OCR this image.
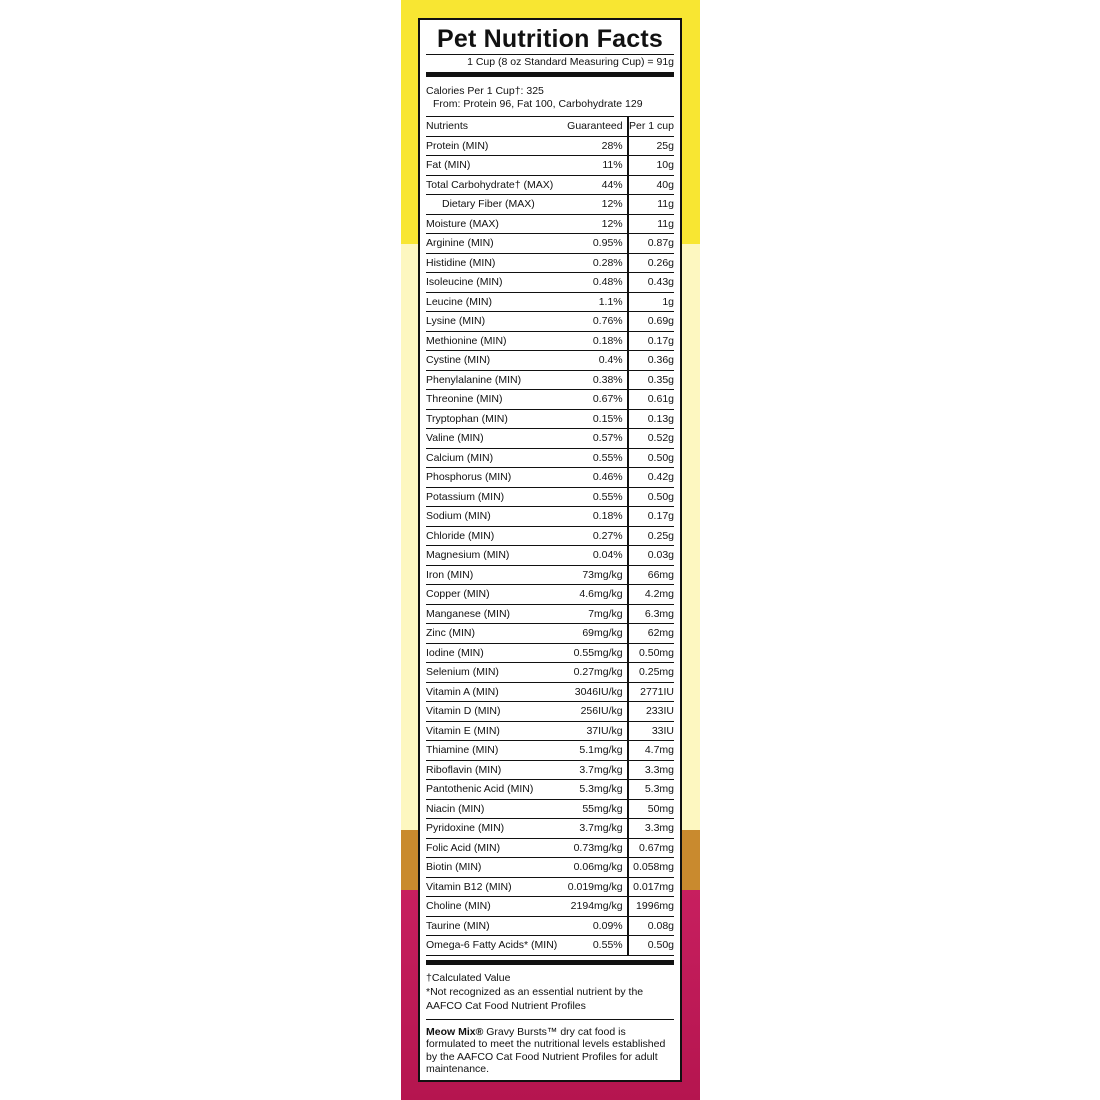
Pet Nutrition Facts
1 Cup (8 oz Standard Measuring Cup) = 91g
Calories Per 1 Cup†: 325
From: Protein 96, Fat 100, Carbohydrate 129
Nutrients	Guaranteed	Per 1 cup
Protein (MIN)	28%	25g
Fat (MIN)	11%	10g
Total Carbohydrate† (MAX)	44%	40g
Dietary Fiber (MAX)	12%	11g
Moisture (MAX)	12%	11g
Arginine (MIN)	0.95%	0.87g
Histidine (MIN)	0.28%	0.26g
Isoleucine (MIN)	0.48%	0.43g
Leucine (MIN)	1.1%	1g
Lysine (MIN)	0.76%	0.69g
Methionine (MIN)	0.18%	0.17g
Cystine (MIN)	0.4%	0.36g
Phenylalanine (MIN)	0.38%	0.35g
Threonine (MIN)	0.67%	0.61g
Tryptophan (MIN)	0.15%	0.13g
Valine (MIN)	0.57%	0.52g
Calcium (MIN)	0.55%	0.50g
Phosphorus (MIN)	0.46%	0.42g
Potassium (MIN)	0.55%	0.50g
Sodium (MIN)	0.18%	0.17g
Chloride (MIN)	0.27%	0.25g
Magnesium (MIN)	0.04%	0.03g
Iron (MIN)	73mg/kg	66mg
Copper (MIN)	4.6mg/kg	4.2mg
Manganese (MIN)	7mg/kg	6.3mg
Zinc (MIN)	69mg/kg	62mg
Iodine (MIN)	0.55mg/kg	0.50mg
Selenium (MIN)	0.27mg/kg	0.25mg
Vitamin A (MIN)	3046IU/kg	2771IU
Vitamin D (MIN)	256IU/kg	233IU
Vitamin E (MIN)	37IU/kg	33IU
Thiamine (MIN)	5.1mg/kg	4.7mg
Riboflavin (MIN)	3.7mg/kg	3.3mg
Pantothenic Acid (MIN)	5.3mg/kg	5.3mg
Niacin (MIN)	55mg/kg	50mg
Pyridoxine (MIN)	3.7mg/kg	3.3mg
Folic Acid (MIN)	0.73mg/kg	0.67mg
Biotin (MIN)	0.06mg/kg	0.058mg
Vitamin B12 (MIN)	0.019mg/kg	0.017mg
Choline (MIN)	2194mg/kg	1996mg
Taurine (MIN)	0.09%	0.08g
Omega-6 Fatty Acids* (MIN)	0.55%	0.50g
†Calculated Value
*Not recognized as an essential nutrient by the AAFCO Cat Food Nutrient Profiles
Meow Mix® Gravy Bursts™ dry cat food is formulated to meet the nutritional levels established by the AAFCO Cat Food Nutrient Profiles for adult maintenance.
